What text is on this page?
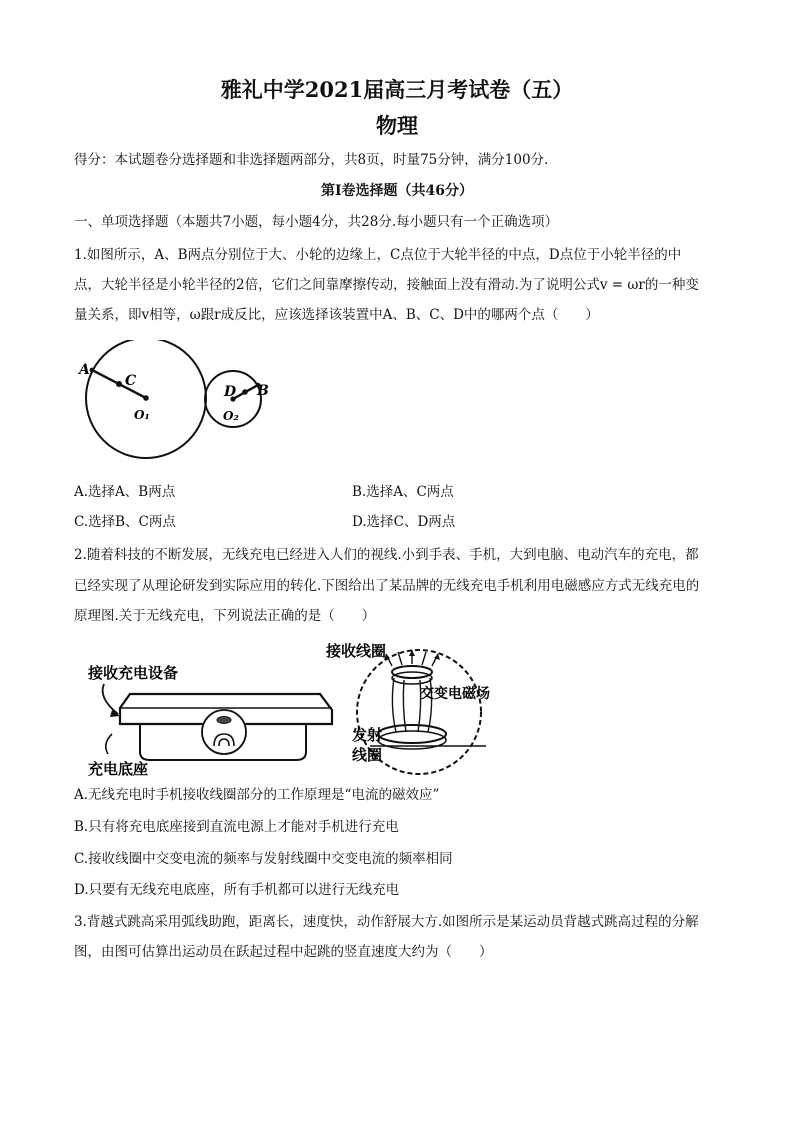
雅礼中学2021届高三月考试卷（五）
物理
得分：本试题卷分选择题和非选择题两部分，共8页，时量75分钟，满分100分.
第Ⅰ卷选择题（共46分）
一、单项选择题（本题共7小题，每小题4分，共28分.每小题只有一个正确选项）
1.如图所示，A、B两点分别位于大、小轮的边缘上，C点位于大轮半径的中点，D点位于小轮半径的中
点，大轮半径是小轮半径的2倍，它们之间靠摩擦传动，接触面上没有滑动.为了说明公式v = ωr的一种变
量关系，即v相等，ω跟r成反比，应该选择该装置中A、B、C、D中的哪两个点（　　）
A
C
O₁
D B
O₂
A.选择A、B两点	B.选择A、C两点
C.选择B、C两点	D.选择C、D两点
2.随着科技的不断发展，无线充电已经进入人们的视线.小到手表、手机，大到电脑、电动汽车的充电，都
已经实现了从理论研发到实际应用的转化.下图给出了某品牌的无线充电手机利用电磁感应方式无线充电的
原理图.关于无线充电，下列说法正确的是（　　）
接收充电设备
充电底座
接收线圈
交变电磁场
发射
线圈
A.无线充电时手机接收线圈部分的工作原理是“电流的磁效应”
B.只有将充电底座接到直流电源上才能对手机进行充电
C.接收线圈中交变电流的频率与发射线圈中交变电流的频率相同
D.只要有无线充电底座，所有手机都可以进行无线充电
3.背越式跳高采用弧线助跑，距离长，速度快，动作舒展大方.如图所示是某运动员背越式跳高过程的分解
图，由图可估算出运动员在跃起过程中起跳的竖直速度大约为（　　）
